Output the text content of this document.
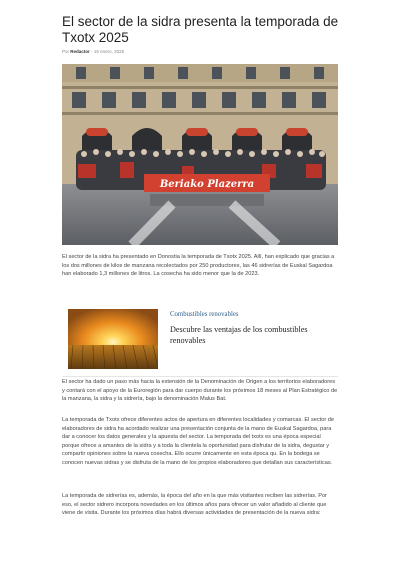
El sector de la sidra presenta la temporada de Txotx 2025
Por Redactor - 15 enero, 2025
Beriako Plazerra

El sector de la sidra ha presentado en Donostia la temporada de Txotx 2025. Allí, han explicado que gracias a los dos millones de kilos de manzana recolectados por 250 productores, las 46 sidrerías de Euskal Sagardoa han elaborado 1,3 millones de litros. La cosecha ha sido menor que la de 2023.

Combustibles renovables
Descubre las ventajas de los combustibles renovables

El sector ha dado un paso más hacia la extensión de la Denominación de Origen a los territorios elaboradores y contará con el apoyo de la Euroregión para dar cuerpo durante los próximos 18 meses al Plan Estratégico de la manzana, la sidra y la sidrería, bajo la denominación Malus Bat.

La temporada de Txotx ofrece diferentes actos de apertura en diferentes localidades y comarcas. El sector de elaboradores de sidra ha acordado realizar una presentación conjunta de la mano de Euskal Sagardoa, para dar a conocer los datos generales y la apuesta del sector. La temporada del txotx es una época especial porque ofrece a amantes de la sidra y a toda la clientela la oportunidad para disfrutar de la sidra, degustar y compartir opiniones sobre la nueva cosecha. Ello ocurre únicamente en esta época qu. En la bodega se conocen nuevas sidras y se disfruta de la mano de los propios elaboradores que detallan sus características.

La temporada de sidrerías es, además, la época del año en la que más visitantes reciben las sidrerías. Por eso, el sector sidrero incorpora novedades en los últimos años para ofrecer un valor añadido al cliente que viene de visita. Durante los próximos días habrá diversas actividades de presentación de la nueva sidra:
